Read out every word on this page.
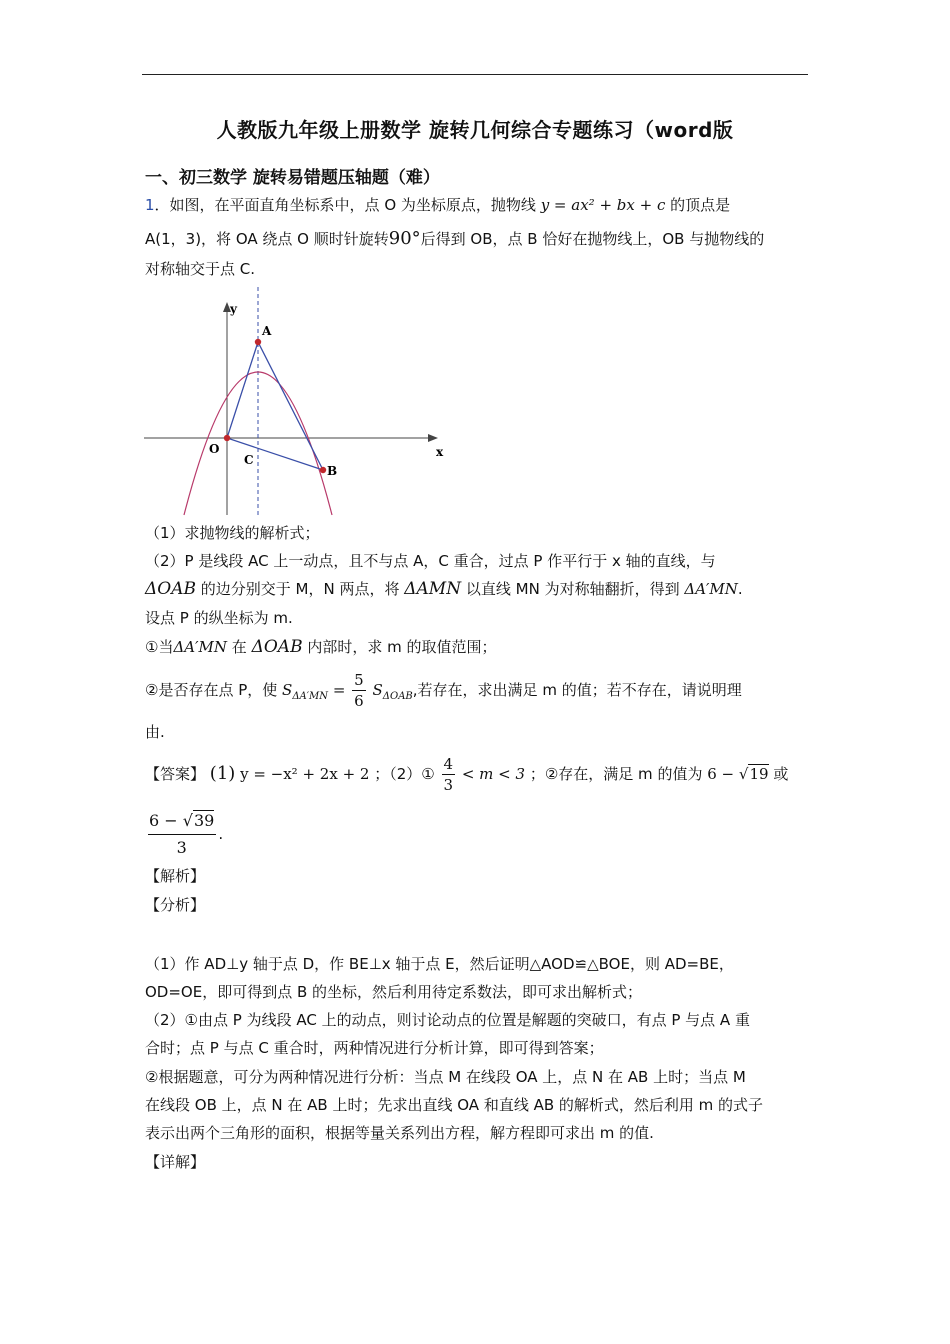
人教版九年级上册数学 旋转几何综合专题练习（word版
一、初三数学 旋转易错题压轴题（难）
1．如图，在平面直角坐标系中，点 O 为坐标原点，抛物线 y = ax² + bx + c 的顶点是
A(1，3)，将 OA 绕点 O 顺时针旋转90°后得到 OB，点 B 恰好在抛物线上，OB 与抛物线的
对称轴交于点 C.
y
x
O
A
B
C
（1）求抛物线的解析式；
（2）P 是线段 AC 上一动点，且不与点 A，C 重合，过点 P 作平行于 x 轴的直线，与
ΔOAB 的边分别交于 M，N 两点，将 ΔAMN 以直线 MN 为对称轴翻折，得到 ΔA′MN.
设点 P 的纵坐标为 m.
①当ΔA′MN 在 ΔOAB 内部时，求 m 的取值范围；
②是否存在点 P，使 $S_{\Delta A'MN} = \frac{5}{6} S_{\Delta OAB}$,若存在，求出满足 m 的值；若不存在，请说明理
由.
【答案】 (1) y = −x² + 2x + 2 ；（2）① $\frac{4}{3} < m < 3$ ；②存在，满足 m 的值为 6 − √19 或
$\frac{6 - √39}{3}$ .
【解析】
【分析】
（1）作 AD⊥y 轴于点 D，作 BE⊥x 轴于点 E，然后证明△AOD≌△BOE，则 AD=BE，
OD=OE，即可得到点 B 的坐标，然后利用待定系数法，即可求出解析式；
（2）①由点 P 为线段 AC 上的动点，则讨论动点的位置是解题的突破口，有点 P 与点 A 重
合时；点 P 与点 C 重合时，两种情况进行分析计算，即可得到答案；
②根据题意，可分为两种情况进行分析：当点 M 在线段 OA 上，点 N 在 AB 上时；当点 M
在线段 OB 上，点 N 在 AB 上时；先求出直线 OA 和直线 AB 的解析式，然后利用 m 的式子
表示出两个三角形的面积，根据等量关系列出方程，解方程即可求出 m 的值.
【详解】
